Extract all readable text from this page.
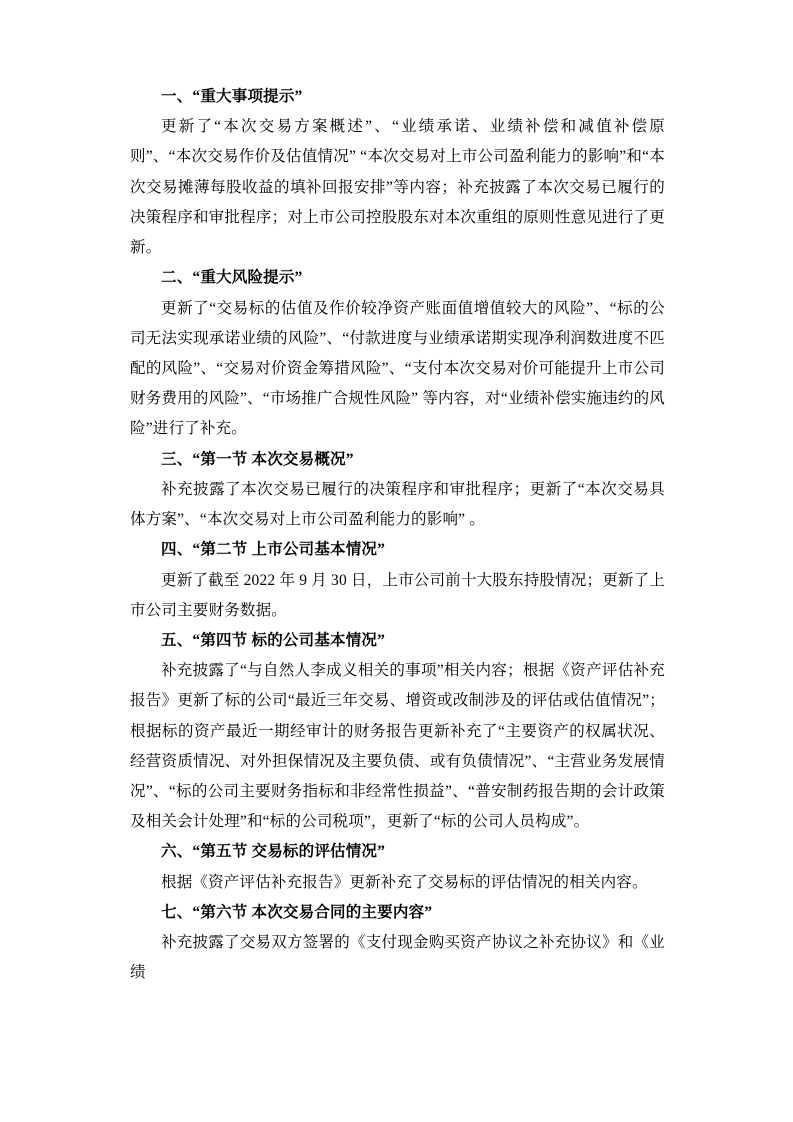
一、“重大事项提示”

更新了“本次交易方案概述”、“业绩承诺、业绩补偿和减值补偿原则”、“本次交易作价及估值情况” “本次交易对上市公司盈利能力的影响”和“本次交易摊薄每股收益的填补回报安排”等内容；补充披露了本次交易已履行的决策程序和审批程序；对上市公司控股股东对本次重组的原则性意见进行了更新。

二、“重大风险提示”

更新了“交易标的估值及作价较净资产账面值增值较大的风险”、“标的公司无法实现承诺业绩的风险”、“付款进度与业绩承诺期实现净利润数进度不匹配的风险”、“交易对价资金筹措风险”、“支付本次交易对价可能提升上市公司财务费用的风险”、“市场推广合规性风险” 等内容，对“业绩补偿实施违约的风险”进行了补充。

三、“第一节 本次交易概况”

补充披露了本次交易已履行的决策程序和审批程序；更新了“本次交易具体方案”、“本次交易对上市公司盈利能力的影响” 。

四、“第二节 上市公司基本情况”

更新了截至 2022 年 9 月 30 日，上市公司前十大股东持股情况；更新了上市公司主要财务数据。

五、“第四节 标的公司基本情况”

补充披露了“与自然人李成义相关的事项”相关内容；根据《资产评估补充报告》更新了标的公司“最近三年交易、增资或改制涉及的评估或估值情况”；根据标的资产最近一期经审计的财务报告更新补充了“主要资产的权属状况、经营资质情况、对外担保情况及主要负债、或有负债情况”、“主营业务发展情况”、“标的公司主要财务指标和非经常性损益”、“普安制药报告期的会计政策及相关会计处理”和“标的公司税项”，更新了“标的公司人员构成”。

六、“第五节 交易标的评估情况”

根据《资产评估补充报告》更新补充了交易标的评估情况的相关内容。

七、“第六节 本次交易合同的主要内容”

补充披露了交易双方签署的《支付现金购买资产协议之补充协议》和《业绩
